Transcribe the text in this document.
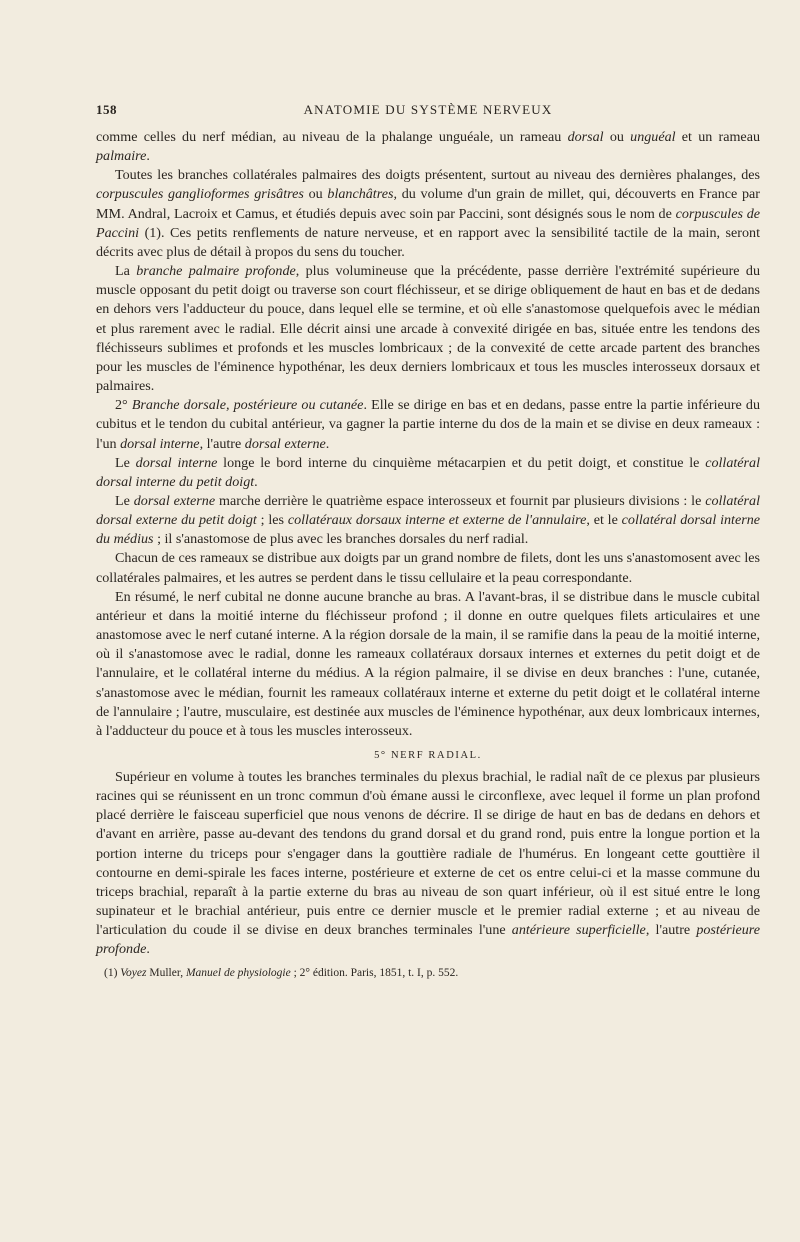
158	ANATOMIE DU SYSTÈME NERVEUX

comme celles du nerf médian, au niveau de la phalange unguéale, un rameau dorsal ou unguéal et un rameau palmaire.

Toutes les branches collatérales palmaires des doigts présentent, surtout au niveau des dernières phalanges, des corpuscules ganglioformes grisâtres ou blanchâtres, du volume d'un grain de millet, qui, découverts en France par MM. Andral, Lacroix et Camus, et étudiés depuis avec soin par Paccini, sont désignés sous le nom de corpuscules de Paccini (1). Ces petits renflements de nature nerveuse, et en rapport avec la sensibilité tactile de la main, seront décrits avec plus de détail à propos du sens du toucher.

La branche palmaire profonde, plus volumineuse que la précédente, passe derrière l'extrémité supérieure du muscle opposant du petit doigt ou traverse son court fléchisseur, et se dirige obliquement de haut en bas et de dedans en dehors vers l'adducteur du pouce, dans lequel elle se termine, et où elle s'anastomose quelquefois avec le médian et plus rarement avec le radial. Elle décrit ainsi une arcade à convexité dirigée en bas, située entre les tendons des fléchisseurs sublimes et profonds et les muscles lombricaux ; de la convexité de cette arcade partent des branches pour les muscles de l'éminence hypothénar, les deux derniers lombricaux et tous les muscles interosseux dorsaux et palmaires.

2° Branche dorsale, postérieure ou cutanée. Elle se dirige en bas et en dedans, passe entre la partie inférieure du cubitus et le tendon du cubital antérieur, va gagner la partie interne du dos de la main et se divise en deux rameaux : l'un dorsal interne, l'autre dorsal externe.

Le dorsal interne longe le bord interne du cinquième métacarpien et du petit doigt, et constitue le collatéral dorsal interne du petit doigt.

Le dorsal externe marche derrière le quatrième espace interosseux et fournit par plusieurs divisions : le collatéral dorsal externe du petit doigt ; les collatéraux dorsaux interne et externe de l'annulaire, et le collatéral dorsal interne du médius ; il s'anastomose de plus avec les branches dorsales du nerf radial.

Chacun de ces rameaux se distribue aux doigts par un grand nombre de filets, dont les uns s'anastomosent avec les collatérales palmaires, et les autres se perdent dans le tissu cellulaire et la peau correspondante.

En résumé, le nerf cubital ne donne aucune branche au bras. A l'avant-bras, il se distribue dans le muscle cubital antérieur et dans la moitié interne du fléchisseur profond ; il donne en outre quelques filets articulaires et une anastomose avec le nerf cutané interne. A la région dorsale de la main, il se ramifie dans la peau de la moitié interne, où il s'anastomose avec le radial, donne les rameaux collatéraux dorsaux internes et externes du petit doigt et de l'annulaire, et le collatéral interne du médius. A la région palmaire, il se divise en deux branches : l'une, cutanée, s'anastomose avec le médian, fournit les rameaux collatéraux interne et externe du petit doigt et le collatéral interne de l'annulaire ; l'autre, musculaire, est destinée aux muscles de l'éminence hypothénar, aux deux lombricaux internes, à l'adducteur du pouce et à tous les muscles interosseux.

5° NERF RADIAL.

Supérieur en volume à toutes les branches terminales du plexus brachial, le radial naît de ce plexus par plusieurs racines qui se réunissent en un tronc commun d'où émane aussi le circonflexe, avec lequel il forme un plan profond placé derrière le faisceau superficiel que nous venons de décrire. Il se dirige de haut en bas de dedans en dehors et d'avant en arrière, passe au-devant des tendons du grand dorsal et du grand rond, puis entre la longue portion et la portion interne du triceps pour s'engager dans la gouttière radiale de l'humérus. En longeant cette gouttière il contourne en demi-spirale les faces interne, postérieure et externe de cet os entre celui-ci et la masse commune du triceps brachial, reparaît à la partie externe du bras au niveau de son quart inférieur, où il est situé entre le long supinateur et le brachial antérieur, puis entre ce dernier muscle et le premier radial externe ; et au niveau de l'articulation du coude il se divise en deux branches terminales l'une antérieure superficielle, l'autre postérieure profonde.

(1) Voyez Muller, Manuel de physiologie ; 2° édition. Paris, 1851, t. I, p. 552.
